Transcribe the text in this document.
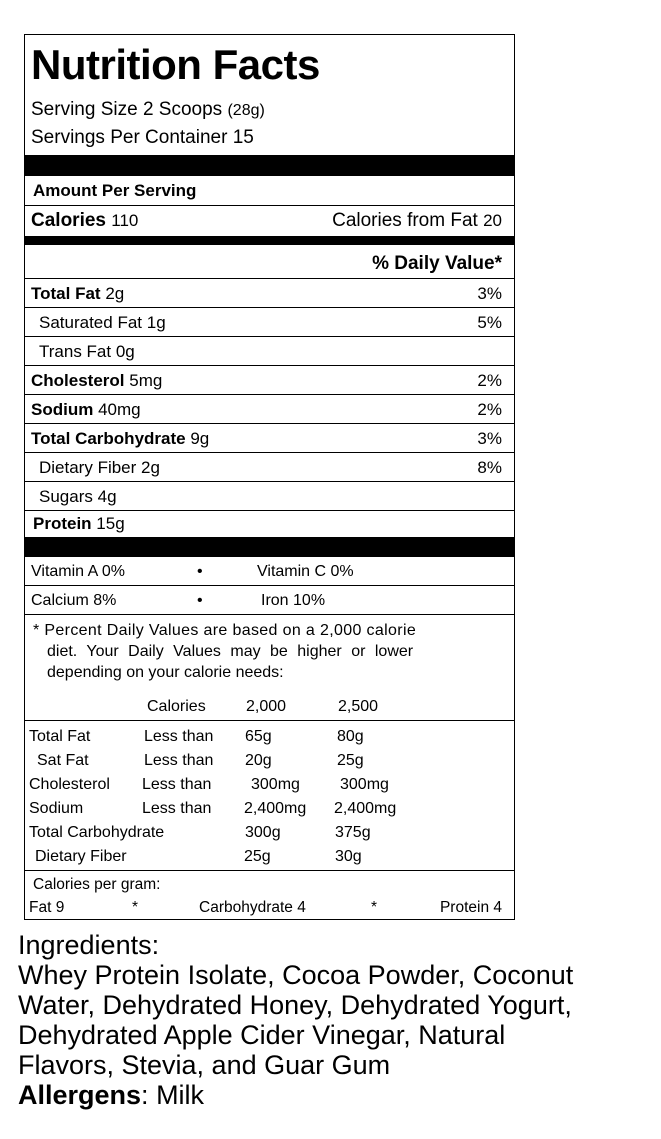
Nutrition Facts
Serving Size 2 Scoops (28g)
Servings Per Container 15
Amount Per Serving
Calories 110	Calories from Fat 20
% Daily Value*
Total Fat 2g	3%
Saturated Fat 1g	5%
Trans Fat 0g
Cholesterol 5mg	2%
Sodium 40mg	2%
Total Carbohydrate 9g	3%
Dietary Fiber 2g	8%
Sugars 4g
Protein 15g
Vitamin A 0%	•	Vitamin C 0%
Calcium 8%	•	Iron 10%
* Percent Daily Values are based on a 2,000 calorie
diet. Your Daily Values may be higher or lower
depending on your calorie needs:
Calories	2,000	2,500
Total Fat	Less than 65g	80g
Sat Fat	Less than 20g	25g
Cholesterol Less than 300mg	300mg
Sodium	Less than 2,400mg 2,400mg
Total Carbohydrate	300g	375g
Dietary Fiber	25g	30g
Calories per gram:
Fat 9	*	Carbohydrate 4	*	Protein 4
Ingredients:
Whey Protein Isolate, Cocoa Powder, Coconut
Water, Dehydrated Honey, Dehydrated Yogurt,
Dehydrated Apple Cider Vinegar, Natural
Flavors, Stevia, and Guar Gum
Allergens: Milk
